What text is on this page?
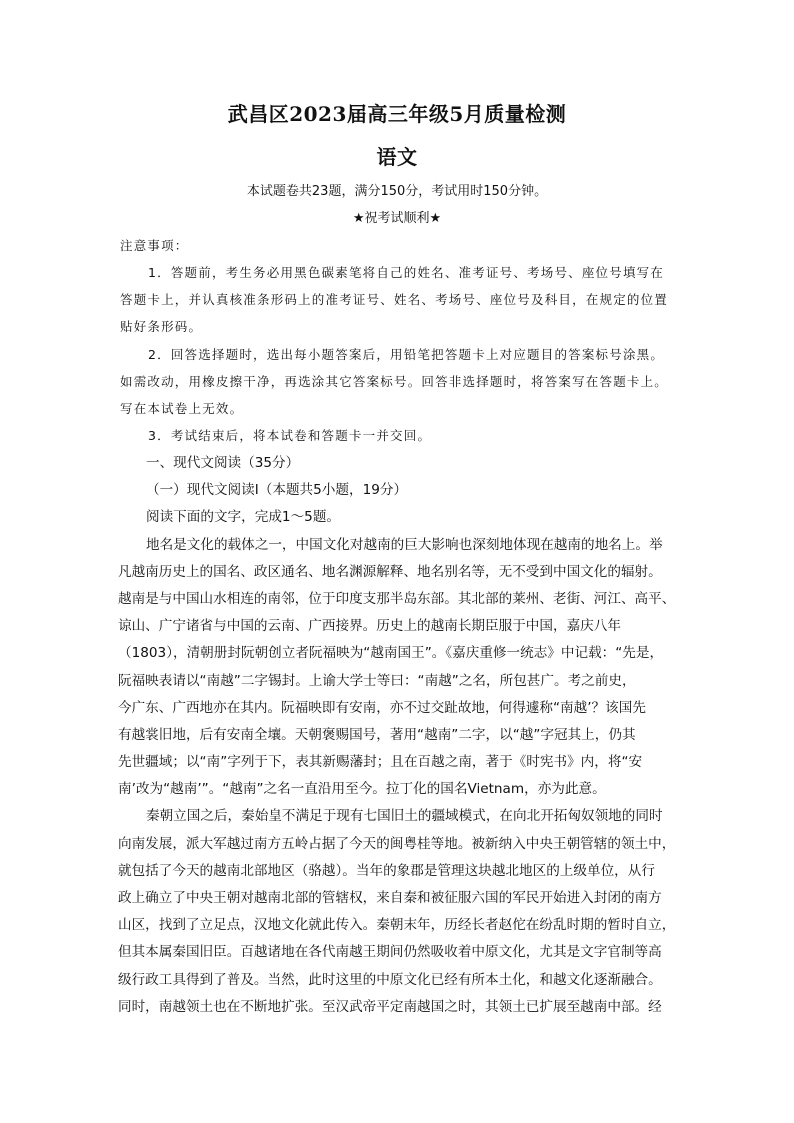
武昌区2023届高三年级5月质量检测
语文
本试题卷共23题，满分150分，考试用时150分钟。
★祝考试顺利★
注意事项：
1．答题前，考生务必用黑色碳素笔将自己的姓名、准考证号、考场号、座位号填写在
答题卡上，并认真核准条形码上的准考证号、姓名、考场号、座位号及科目，在规定的位置
贴好条形码。
2．回答选择题时，选出每小题答案后，用铅笔把答题卡上对应题目的答案标号涂黑。
如需改动，用橡皮擦干净，再选涂其它答案标号。回答非选择题时，将答案写在答题卡上。
写在本试卷上无效。
3．考试结束后，将本试卷和答题卡一并交回。
一、现代文阅读（35分）
（一）现代文阅读I（本题共5小题，19分）
阅读下面的文字，完成1～5题。
地名是文化的载体之一，中国文化对越南的巨大影响也深刻地体现在越南的地名上。举
凡越南历史上的国名、政区通名、地名渊源解释、地名别名等，无不受到中国文化的辐射。
越南是与中国山水相连的南邻，位于印度支那半岛东部。其北部的莱州、老街、河江、高平、
谅山、广宁诸省与中国的云南、广西接界。历史上的越南长期臣服于中国，嘉庆八年
（1803），清朝册封阮朝创立者阮福映为“越南国王”。《嘉庆重修一统志》中记载：“先是，
阮福映表请以“南越”二字锡封。上谕大学士等曰：“南越”之名，所包甚广。考之前史，
今广东、广西地亦在其内。阮福映即有安南，亦不过交趾故地，何得遽称“南越’？该国先
有越裳旧地，后有安南全壤。天朝褒赐国号，著用“越南”二字，以“越”字冠其上，仍其
先世疆域；以“南”字列于下，表其新赐藩封；且在百越之南，著于《时宪书》内，将“安
南’改为“越南’”。“越南”之名一直沿用至今。拉丁化的国名Vietnam，亦为此意。
秦朝立国之后，秦始皇不满足于现有七国旧土的疆域模式，在向北开拓匈奴领地的同时
向南发展，派大军越过南方五岭占据了今天的闽粤桂等地。被新纳入中央王朝管辖的领土中，
就包括了今天的越南北部地区（骆越）。当年的象郡是管理这块越北地区的上级单位，从行
政上确立了中央王朝对越南北部的管辖权，来自秦和被征服六国的军民开始进入封闭的南方
山区，找到了立足点，汉地文化就此传入。秦朝末年，历经长者赵佗在纷乱时期的暂时自立，
但其本属秦国旧臣。百越诸地在各代南越王期间仍然吸收着中原文化，尤其是文字官制等高
级行政工具得到了普及。当然，此时这里的中原文化已经有所本土化，和越文化逐渐融合。
同时，南越领土也在不断地扩张。至汉武帝平定南越国之时，其领土已扩展至越南中部。经
